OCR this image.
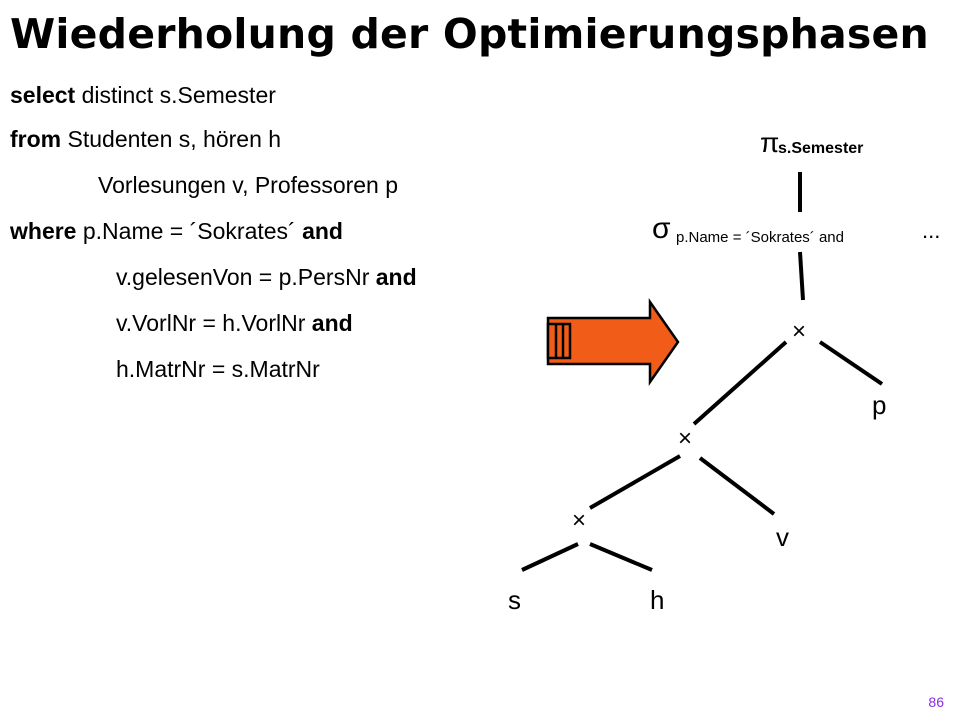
Wiederholung der Optimierungsphasen
select distinct s.Semester
from Studenten s, hören h
Vorlesungen v, Professoren p
where p.Name = ´Sokrates´ and
v.gelesenVon = p.PersNr and
v.VorlNr = h.VorlNr and
h.MatrNr = s.MatrNr
π
s.Semester
σ p.Name = ´Sokrates´ and	...
×
×
×
p
v
s	h
86
